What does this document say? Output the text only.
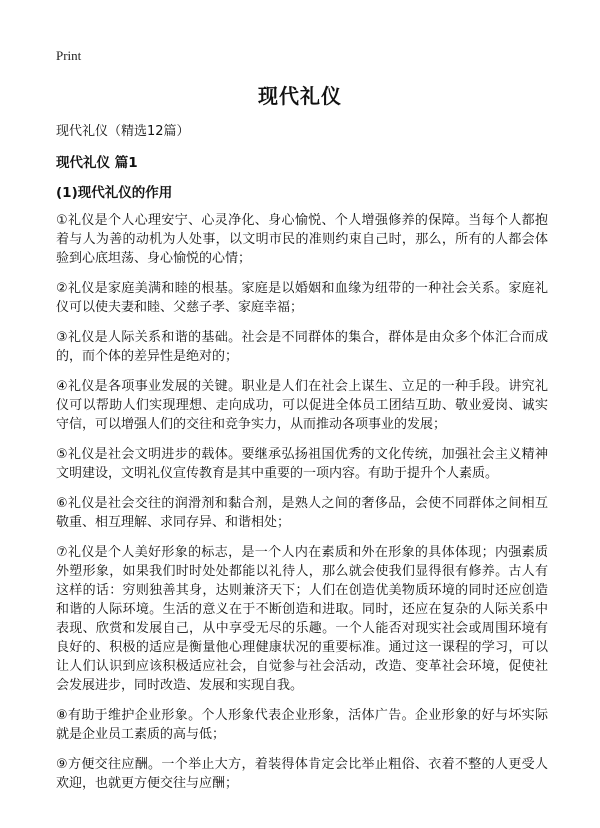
Print
现代礼仪

现代礼仪（精选12篇）

现代礼仪 篇1
(1)现代礼仪的作用

①礼仪是个人心理安宁、心灵净化、身心愉悦、个人增强修养的保障。当每个人都抱着与人为善的动机为人处事，以文明市民的准则约束自己时，那么，所有的人都会体验到心底坦荡、身心愉悦的心情；

②礼仪是家庭美满和睦的根基。家庭是以婚姻和血缘为纽带的一种社会关系。家庭礼仪可以使夫妻和睦、父慈子孝、家庭幸福；

③礼仪是人际关系和谐的基础。社会是不同群体的集合，群体是由众多个体汇合而成的，而个体的差异性是绝对的；

④礼仪是各项事业发展的关键。职业是人们在社会上谋生、立足的一种手段。讲究礼仪可以帮助人们实现理想、走向成功，可以促进全体员工团结互助、敬业爱岗、诚实守信，可以增强人们的交往和竞争实力，从而推动各项事业的发展；

⑤礼仪是社会文明进步的载体。要继承弘扬祖国优秀的文化传统，加强社会主义精神文明建设，文明礼仪宣传教育是其中重要的一项内容。有助于提升个人素质。

⑥礼仪是社会交往的润滑剂和黏合剂，是熟人之间的奢侈品，会使不同群体之间相互敬重、相互理解、求同存异、和谐相处；

⑦礼仪是个人美好形象的标志，是一个人内在素质和外在形象的具体体现；内强素质外塑形象，如果我们时时处处都能以礼待人，那么就会使我们显得很有修养。古人有这样的话：穷则独善其身，达则兼济天下；人们在创造优美物质环境的同时还应创造和谐的人际环境。生活的意义在于不断创造和进取。同时，还应在复杂的人际关系中表现、欣赏和发展自己，从中享受无尽的乐趣。一个人能否对现实社会或周围环境有良好的、积极的适应是衡量他心理健康状况的重要标准。通过这一课程的学习，可以让人们认识到应该积极适应社会，自觉参与社会活动，改造、变革社会环境，促使社会发展进步，同时改造、发展和实现自我。

⑧有助于维护企业形象。个人形象代表企业形象，活体广告。企业形象的好与坏实际就是企业员工素质的高与低；

⑨方便交往应酬。一个举止大方，着装得体肯定会比举止粗俗、衣着不整的人更受人欢迎，也就更方便交往与应酬；
